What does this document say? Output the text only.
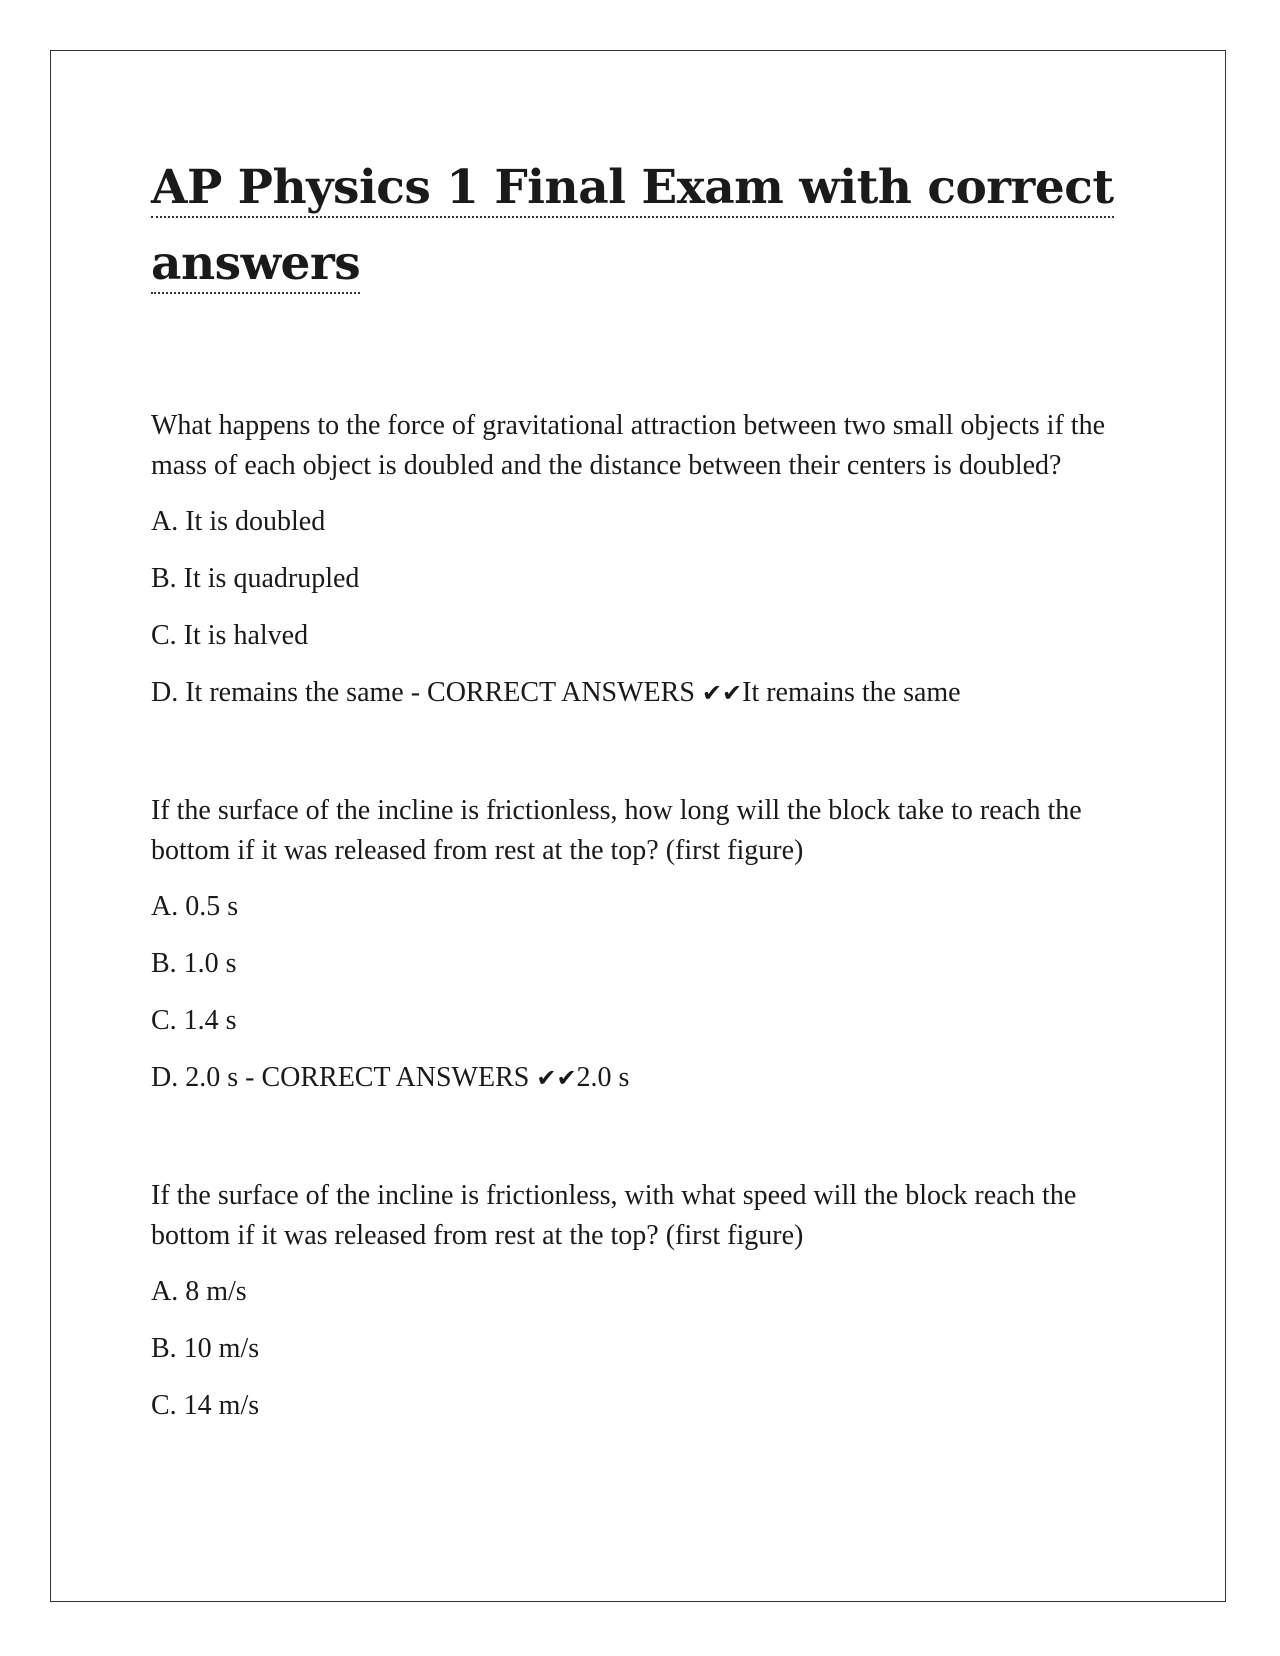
AP Physics 1 Final Exam with correct answers

What happens to the force of gravitational attraction between two small objects if the mass of each object is doubled and the distance between their centers is doubled?

A. It is doubled

B. It is quadrupled

C. It is halved

D. It remains the same - CORRECT ANSWERS ✔✔It remains the same

If the surface of the incline is frictionless, how long will the block take to reach the bottom if it was released from rest at the top? (first figure)

A. 0.5 s

B. 1.0 s

C. 1.4 s

D. 2.0 s - CORRECT ANSWERS ✔✔2.0 s

If the surface of the incline is frictionless, with what speed will the block reach the bottom if it was released from rest at the top? (first figure)

A. 8 m/s

B. 10 m/s

C. 14 m/s
